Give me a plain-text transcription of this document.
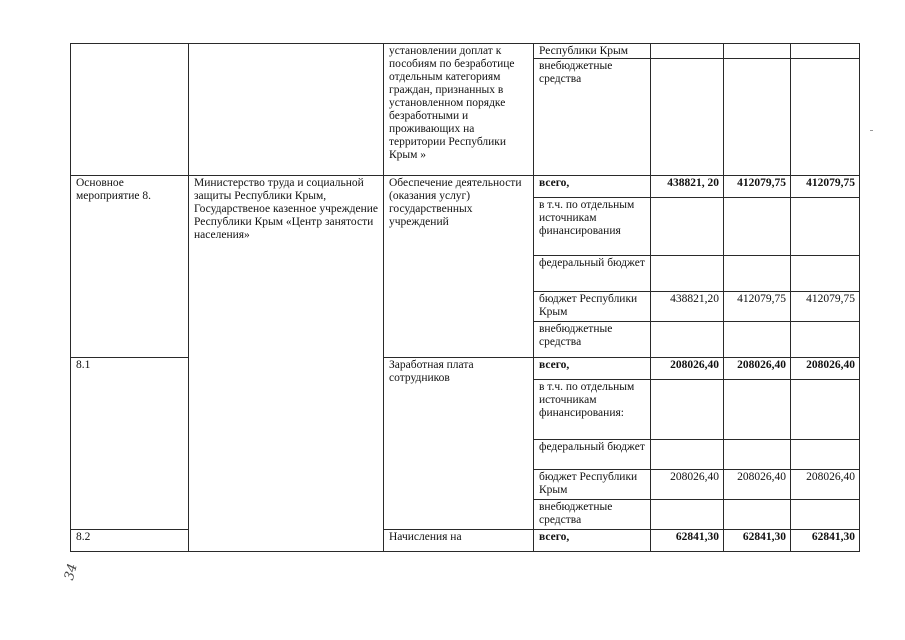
		установлении доплат к пособиям по безработице отдельным категориям граждан, признанных в установленном порядке безработными и проживающих на территории Республики Крым »	Республики Крым			
			внебюджетные средства			
Основное мероприятие 8.	Министерство труда и социальной защиты Республики Крым, Государственое казенное учреждение Республики Крым «Центр занятости населения»	Обеспечение деятельности (оказания услуг) государственных учреждений	всего,	438821, 20	412079,75	412079,75
			в т.ч. по отдельным источникам финансирования			
			федеральный бюджет			
			бюджет Республики Крым	438821,20	412079,75	412079,75
			внебюджетные средства			
8.1		Заработная плата сотрудников	всего,	208026,40	208026,40	208026,40
			в т.ч. по отдельным источникам финансирования:			
			федеральный бюджет			
			бюджет Республики Крым	208026,40	208026,40	208026,40
			внебюджетные средства			
8.2		Начисления на	всего,	62841,30	62841,30	62841,30
34
